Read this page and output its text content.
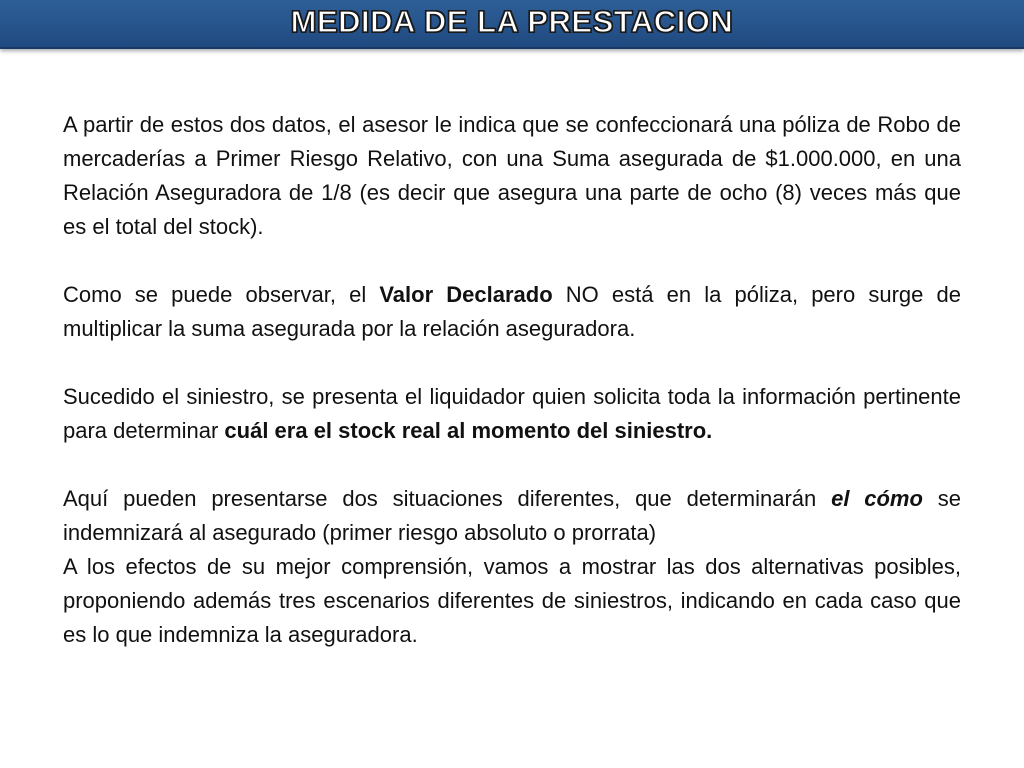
MEDIDA DE LA PRESTACION

A partir de estos dos datos, el asesor le indica que se confeccionará una póliza de Robo de mercaderías a Primer Riesgo Relativo, con una Suma asegurada de $1.000.000, en una Relación Aseguradora de 1/8 (es decir que asegura una parte de ocho (8) veces más que es el total del stock).

Como se puede observar, el Valor Declarado NO está en la póliza, pero surge de multiplicar la suma asegurada por la relación aseguradora.

Sucedido el siniestro, se presenta el liquidador quien solicita toda la información pertinente para determinar cuál era el stock real al momento del siniestro.

Aquí pueden presentarse dos situaciones diferentes, que determinarán el cómo se indemnizará al asegurado (primer riesgo absoluto o prorrata)

A los efectos de su mejor comprensión, vamos a mostrar las dos alternativas posibles, proponiendo además tres escenarios diferentes de siniestros, indicando en cada caso que es lo que indemniza la aseguradora.
